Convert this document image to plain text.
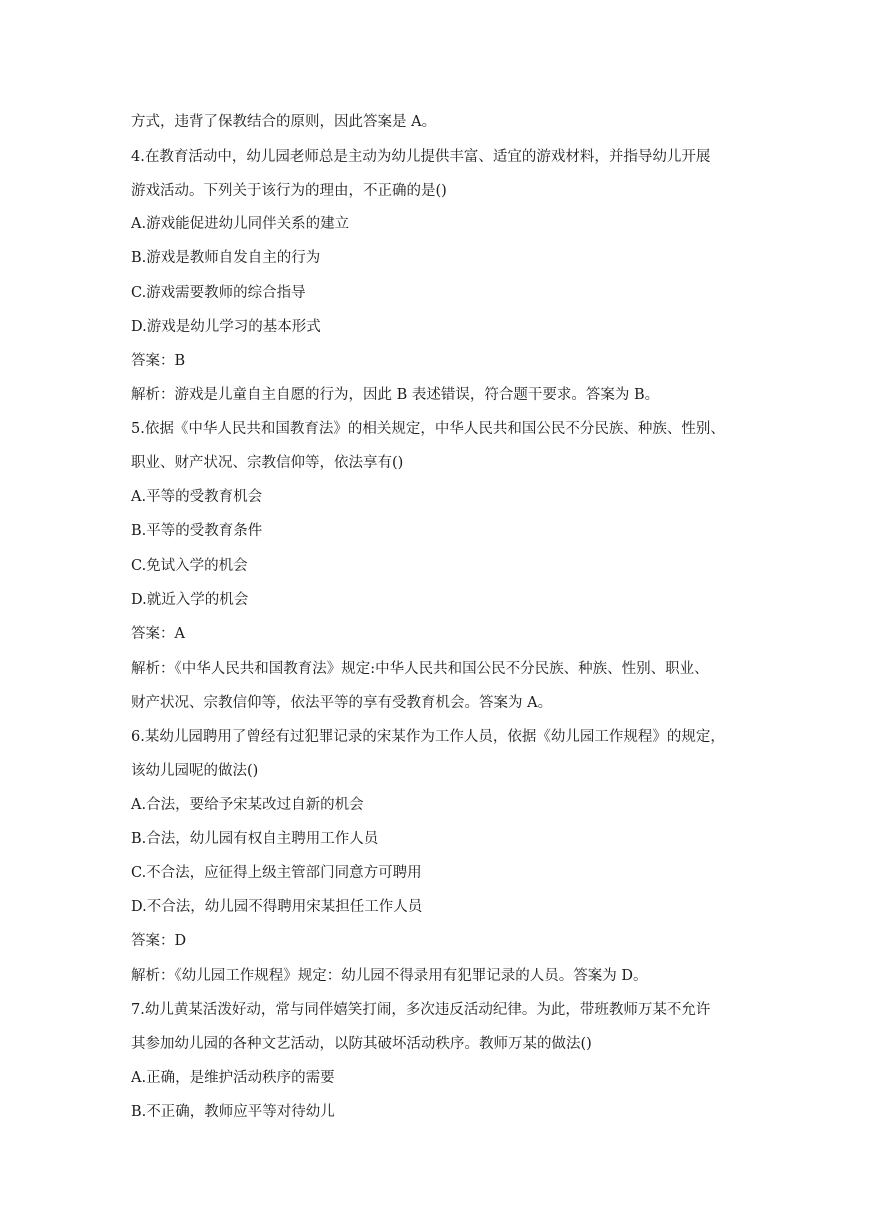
方式，违背了保教结合的原则，因此答案是 A。
4.在教育活动中，幼儿园老师总是主动为幼儿提供丰富、适宜的游戏材料，并指导幼儿开展
游戏活动。下列关于该行为的理由，不正确的是()
A.游戏能促进幼儿同伴关系的建立
B.游戏是教师自发自主的行为
C.游戏需要教师的综合指导
D.游戏是幼儿学习的基本形式
答案：B
解析：游戏是儿童自主自愿的行为，因此 B 表述错误，符合题干要求。答案为 B。
5.依据《中华人民共和国教育法》的相关规定，中华人民共和国公民不分民族、种族、性别、
职业、财产状况、宗教信仰等，依法享有()
A.平等的受教育机会
B.平等的受教育条件
C.免试入学的机会
D.就近入学的机会
答案：A
解析：《中华人民共和国教育法》规定:中华人民共和国公民不分民族、种族、性别、职业、
财产状况、宗教信仰等，依法平等的享有受教育机会。答案为 A。
6.某幼儿园聘用了曾经有过犯罪记录的宋某作为工作人员，依据《幼儿园工作规程》的规定，
该幼儿园呢的做法()
A.合法，要给予宋某改过自新的机会
B.合法，幼儿园有权自主聘用工作人员
C.不合法，应征得上级主管部门同意方可聘用
D.不合法，幼儿园不得聘用宋某担任工作人员
答案：D
解析：《幼儿园工作规程》规定：幼儿园不得录用有犯罪记录的人员。答案为 D。
7.幼儿黄某活泼好动，常与同伴嬉笑打闹，多次违反活动纪律。为此，带班教师万某不允许
其参加幼儿园的各种文艺活动，以防其破坏活动秩序。教师万某的做法()
A.正确，是维护活动秩序的需要
B.不正确，教师应平等对待幼儿
